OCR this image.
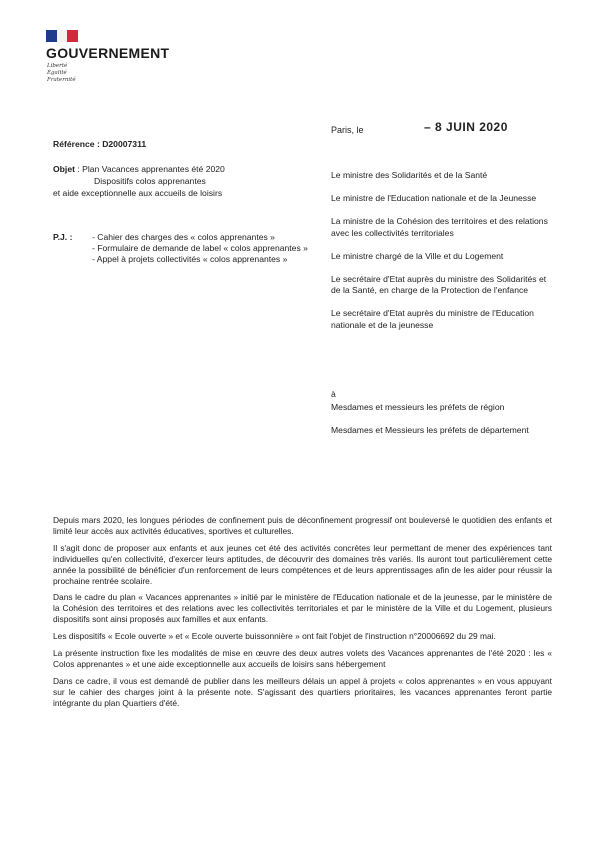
GOUVERNEMENT
Liberté
Égalité
Fraternité
Référence : D20007311
Paris, le	– 8 JUIN 2020
Objet : Plan Vacances apprenantes été 2020
Dispositifs colos apprenantes
et aide exceptionnelle aux accueils de loisirs
P.J. : - Cahier des charges des « colos apprenantes »
- Formulaire de demande de label « colos apprenantes »
- Appel à projets collectivités « colos apprenantes »
Le ministre des Solidarités et de la Santé
Le ministre de l'Education nationale et de la Jeunesse
La ministre de la Cohésion des territoires et des relations avec les collectivités territoriales
Le ministre chargé de la Ville et du Logement
Le secrétaire d'Etat auprès du ministre des Solidarités et de la Santé, en charge de la Protection de l'enfance
Le secrétaire d'Etat auprès du ministre de l'Education nationale et de la jeunesse
à
Mesdames et messieurs les préfets de région
Mesdames et Messieurs les préfets de département

Depuis mars 2020, les longues périodes de confinement puis de déconfinement progressif ont bouleversé le quotidien des enfants et limité leur accès aux activités éducatives, sportives et culturelles.

Il s'agit donc de proposer aux enfants et aux jeunes cet été des activités concrètes leur permettant de mener des expériences tant individuelles qu'en collectivité, d'exercer leurs aptitudes, de découvrir des domaines très variés. Ils auront tout particulièrement cette année la possibilité de bénéficier d'un renforcement de leurs compétences et de leurs apprentissages afin de les aider pour réussir la prochaine rentrée scolaire.

Dans le cadre du plan « Vacances apprenantes » initié par le ministère de l'Education nationale et de la jeunesse, par le ministère de la Cohésion des territoires et des relations avec les collectivités territoriales et par le ministère de la Ville et du Logement, plusieurs dispositifs sont ainsi proposés aux familles et aux enfants.

Les dispositifs « Ecole ouverte » et « Ecole ouverte buissonnière » ont fait l'objet de l'instruction n°20006692 du 29 mai.

La présente instruction fixe les modalités de mise en œuvre des deux autres volets des Vacances apprenantes de l'été 2020 : les « Colos apprenantes » et une aide exceptionnelle aux accueils de loisirs sans hébergement

Dans ce cadre, il vous est demandé de publier dans les meilleurs délais un appel à projets « colos apprenantes » en vous appuyant sur le cahier des charges joint à la présente note. S'agissant des quartiers prioritaires, les vacances apprenantes feront partie intégrante du plan Quartiers d'été.
